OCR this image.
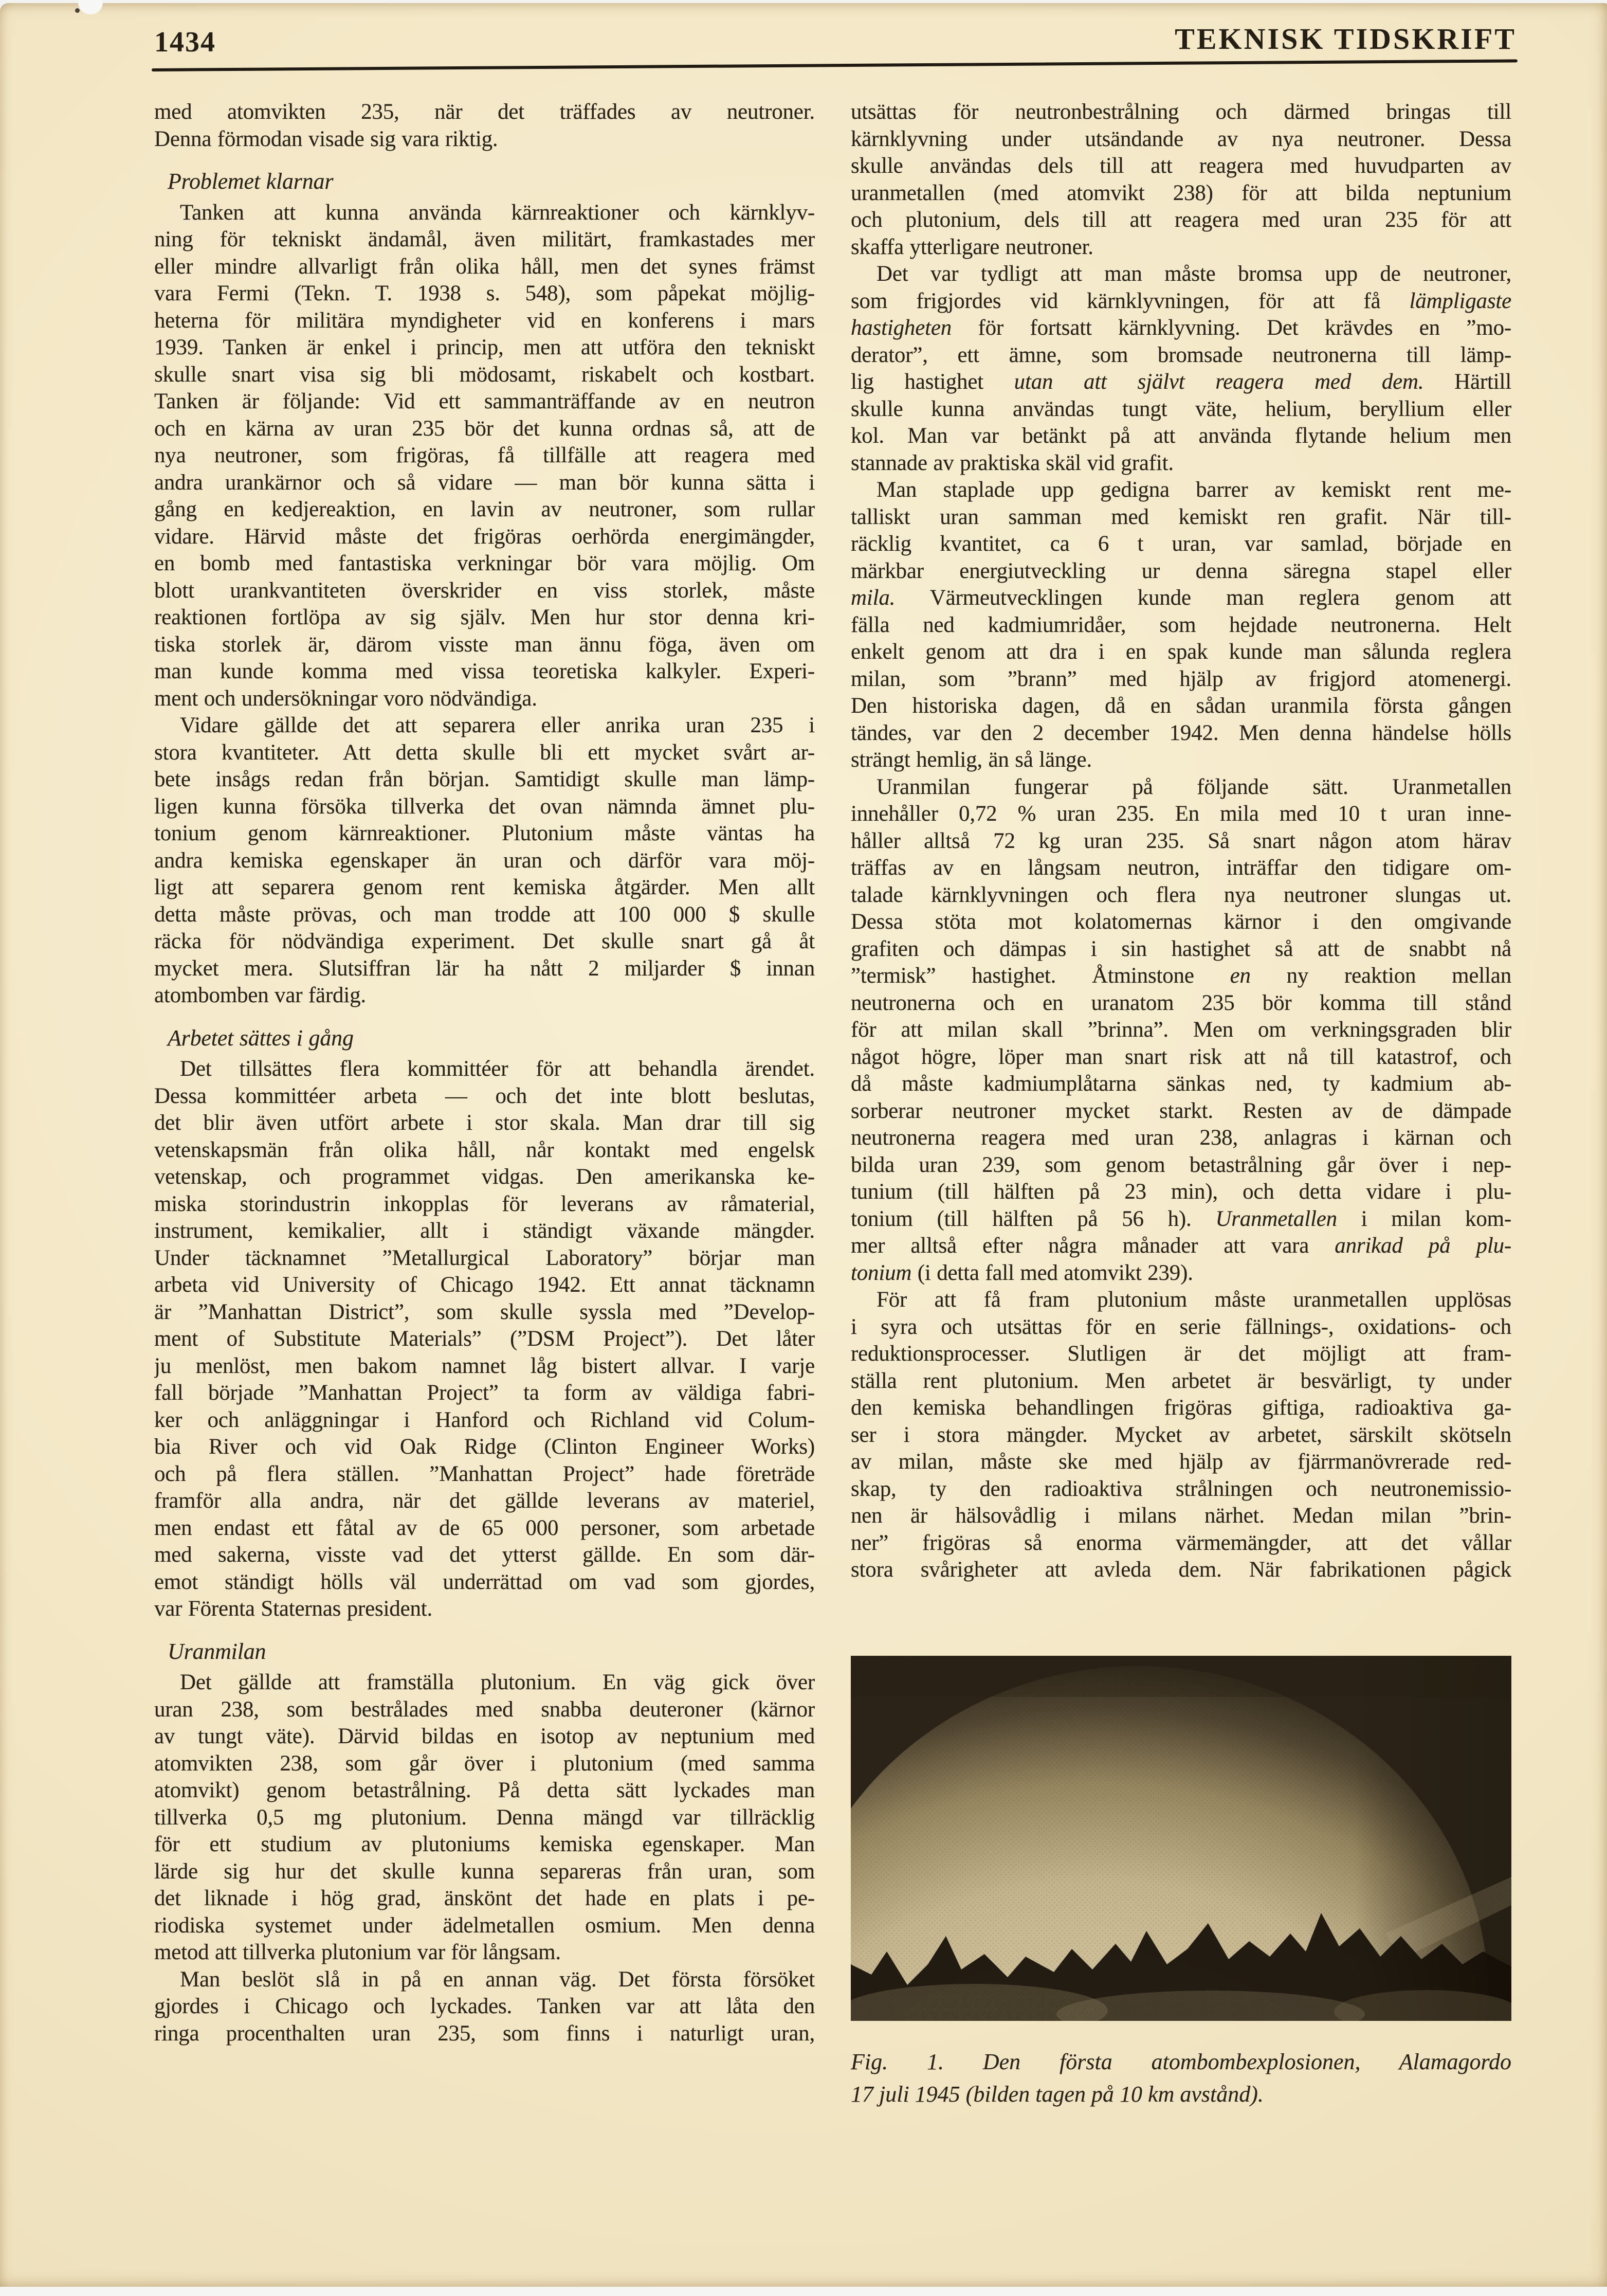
1434	TEKNISK TIDSKRIFT
med atomvikten 235, när det träffades av neutroner.
Denna förmodan visade sig vara riktig.
Problemet klarnar
Tanken att kunna använda kärnreaktioner och kärnklyv-
ning för tekniskt ändamål, även militärt, framkastades mer
eller mindre allvarligt från olika håll, men det synes främst
vara Fermi (Tekn. T. 1938 s. 548), som påpekat möjlig-
heterna för militära myndigheter vid en konferens i mars
1939. Tanken är enkel i princip, men att utföra den tekniskt
skulle snart visa sig bli mödosamt, riskabelt och kostbart.
Tanken är följande: Vid ett sammanträffande av en neutron
och en kärna av uran 235 bör det kunna ordnas så, att de
nya neutroner, som frigöras, få tillfälle att reagera med
andra urankärnor och så vidare — man bör kunna sätta i
gång en kedjereaktion, en lavin av neutroner, som rullar
vidare. Härvid måste det frigöras oerhörda energimängder,
en bomb med fantastiska verkningar bör vara möjlig. Om
blott urankvantiteten överskrider en viss storlek, måste
reaktionen fortlöpa av sig själv. Men hur stor denna kri-
tiska storlek är, därom visste man ännu föga, även om
man kunde komma med vissa teoretiska kalkyler. Experi-
ment och undersökningar voro nödvändiga.
Vidare gällde det att separera eller anrika uran 235 i
stora kvantiteter. Att detta skulle bli ett mycket svårt ar-
bete insågs redan från början. Samtidigt skulle man lämp-
ligen kunna försöka tillverka det ovan nämnda ämnet plu-
tonium genom kärnreaktioner. Plutonium måste väntas ha
andra kemiska egenskaper än uran och därför vara möj-
ligt att separera genom rent kemiska åtgärder. Men allt
detta måste prövas, och man trodde att 100 000 $ skulle
räcka för nödvändiga experiment. Det skulle snart gå åt
mycket mera. Slutsiffran lär ha nått 2 miljarder $ innan
atombomben var färdig.
Arbetet sättes i gång
Det tillsättes flera kommittéer för att behandla ärendet.
Dessa kommittéer arbeta — och det inte blott beslutas,
det blir även utfört arbete i stor skala. Man drar till sig
vetenskapsmän från olika håll, når kontakt med engelsk
vetenskap, och programmet vidgas. Den amerikanska ke-
miska storindustrin inkopplas för leverans av råmaterial,
instrument, kemikalier, allt i ständigt växande mängder.
Under täcknamnet ”Metallurgical Laboratory” börjar man
arbeta vid University of Chicago 1942. Ett annat täcknamn
är ”Manhattan District”, som skulle syssla med ”Develop-
ment of Substitute Materials” (”DSM Project”). Det låter
ju menlöst, men bakom namnet låg bistert allvar. I varje
fall började ”Manhattan Project” ta form av väldiga fabri-
ker och anläggningar i Hanford och Richland vid Colum-
bia River och vid Oak Ridge (Clinton Engineer Works)
och på flera ställen. ”Manhattan Project” hade företräde
framför alla andra, när det gällde leverans av materiel,
men endast ett fåtal av de 65 000 personer, som arbetade
med sakerna, visste vad det ytterst gällde. En som där-
emot ständigt hölls väl underrättad om vad som gjordes,
var Förenta Staternas president.
Uranmilan
Det gällde att framställa plutonium. En väg gick över
uran 238, som bestrålades med snabba deuteroner (kärnor
av tungt väte). Därvid bildas en isotop av neptunium med
atomvikten 238, som går över i plutonium (med samma
atomvikt) genom betastrålning. På detta sätt lyckades man
tillverka 0,5 mg plutonium. Denna mängd var tillräcklig
för ett studium av plutoniums kemiska egenskaper. Man
lärde sig hur det skulle kunna separeras från uran, som
det liknade i hög grad, änskönt det hade en plats i pe-
riodiska systemet under ädelmetallen osmium. Men denna
metod att tillverka plutonium var för långsam.
Man beslöt slå in på en annan väg. Det första försöket
gjordes i Chicago och lyckades. Tanken var att låta den
ringa procenthalten uran 235, som finns i naturligt uran,
utsättas för neutronbestrålning och därmed bringas till
kärnklyvning under utsändande av nya neutroner. Dessa
skulle användas dels till att reagera med huvudparten av
uranmetallen (med atomvikt 238) för att bilda neptunium
och plutonium, dels till att reagera med uran 235 för att
skaffa ytterligare neutroner.
Det var tydligt att man måste bromsa upp de neutroner,
som frigjordes vid kärnklyvningen, för att få lämpligaste
hastigheten för fortsatt kärnklyvning. Det krävdes en ”mo-
derator”, ett ämne, som bromsade neutronerna till lämp-
lig hastighet utan att självt reagera med dem. Härtill
skulle kunna användas tungt väte, helium, beryllium eller
kol. Man var betänkt på att använda flytande helium men
stannade av praktiska skäl vid grafit.
Man staplade upp gedigna barrer av kemiskt rent me-
talliskt uran samman med kemiskt ren grafit. När till-
räcklig kvantitet, ca 6 t uran, var samlad, började en
märkbar energiutveckling ur denna säregna stapel eller
mila. Värmeutvecklingen kunde man reglera genom att
fälla ned kadmiumridåer, som hejdade neutronerna. Helt
enkelt genom att dra i en spak kunde man sålunda reglera
milan, som ”brann” med hjälp av frigjord atomenergi.
Den historiska dagen, då en sådan uranmila första gången
tändes, var den 2 december 1942. Men denna händelse hölls
strängt hemlig, än så länge.
Uranmilan fungerar på följande sätt. Uranmetallen
innehåller 0,72 % uran 235. En mila med 10 t uran inne-
håller alltså 72 kg uran 235. Så snart någon atom härav
träffas av en långsam neutron, inträffar den tidigare om-
talade kärnklyvningen och flera nya neutroner slungas ut.
Dessa stöta mot kolatomernas kärnor i den omgivande
grafiten och dämpas i sin hastighet så att de snabbt nå
”termisk” hastighet. Åtminstone en ny reaktion mellan
neutronerna och en uranatom 235 bör komma till stånd
för att milan skall ”brinna”. Men om verkningsgraden blir
något högre, löper man snart risk att nå till katastrof, och
då måste kadmiumplåtarna sänkas ned, ty kadmium ab-
sorberar neutroner mycket starkt. Resten av de dämpade
neutronerna reagera med uran 238, anlagras i kärnan och
bilda uran 239, som genom betastrålning går över i nep-
tunium (till hälften på 23 min), och detta vidare i plu-
tonium (till hälften på 56 h). Uranmetallen i milan kom-
mer alltså efter några månader att vara anrikad på plu-
tonium (i detta fall med atomvikt 239).
För att få fram plutonium måste uranmetallen upplösas
i syra och utsättas för en serie fällnings-, oxidations- och
reduktionsprocesser. Slutligen är det möjligt att fram-
ställa rent plutonium. Men arbetet är besvärligt, ty under
den kemiska behandlingen frigöras giftiga, radioaktiva ga-
ser i stora mängder. Mycket av arbetet, särskilt skötseln
av milan, måste ske med hjälp av fjärrmanövrerade red-
skap, ty den radioaktiva strålningen och neutronemissio-
nen är hälsovådlig i milans närhet. Medan milan ”brin-
ner” frigöras så enorma värmemängder, att det vållar
stora svårigheter att avleda dem. När fabrikationen pågick
Fig. 1. Den första atombombexplosionen, Alamagordo
17 juli 1945 (bilden tagen på 10 km avstånd).
